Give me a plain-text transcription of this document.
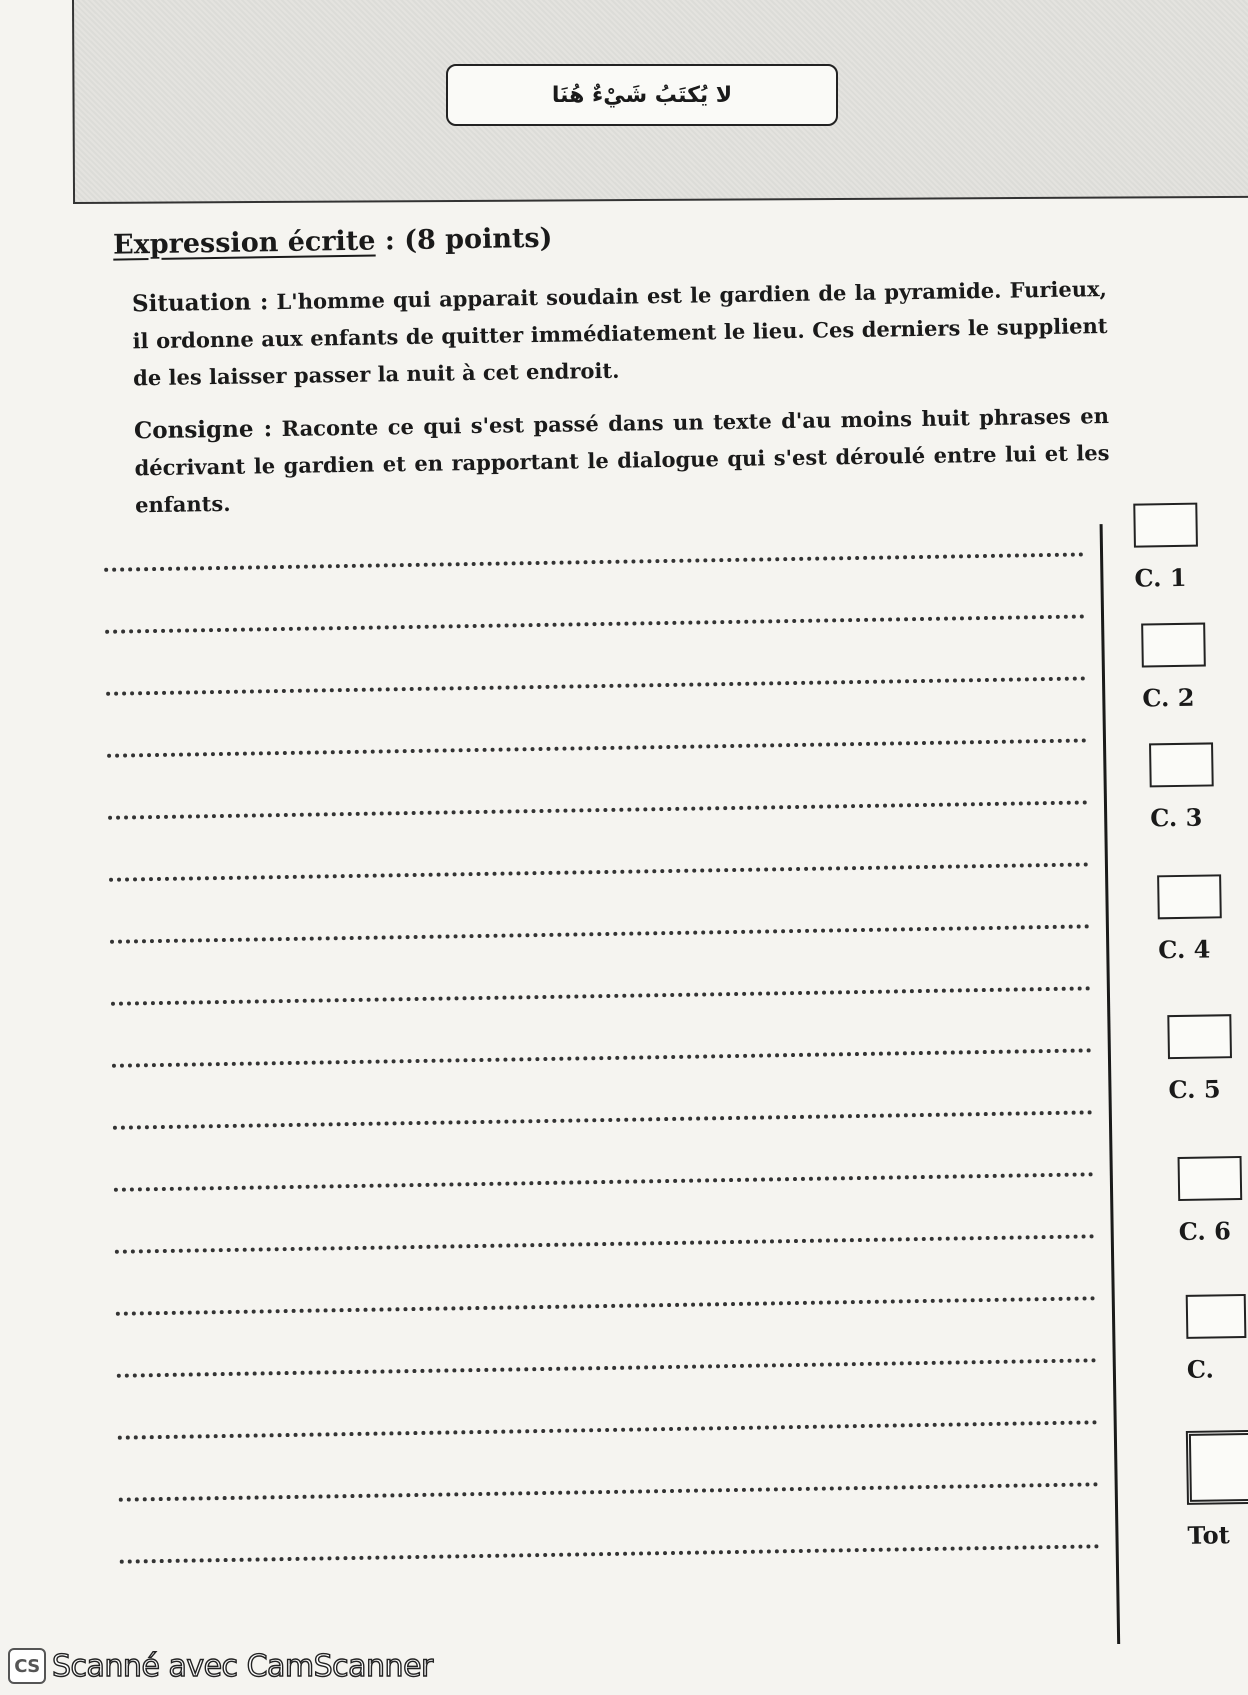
لا يُكتَبُ شَيْءٌ هُنَا
Expression écrite : (8 points)
Situation : L'homme qui apparait soudain est le gardien de la pyramide. Furieux, il ordonne aux enfants de quitter immédiatement le lieu. Ces derniers le supplient de les laisser passer la nuit à cet endroit.
Consigne : Raconte ce qui s'est passé dans un texte d'au moins huit phrases en décrivant le gardien et en rapportant le dialogue qui s'est déroulé entre lui et les enfants.
C. 1
C. 2
C. 3
C. 4
C. 5
C. 6
C.
Tot
CS Scanné avec CamScanner
